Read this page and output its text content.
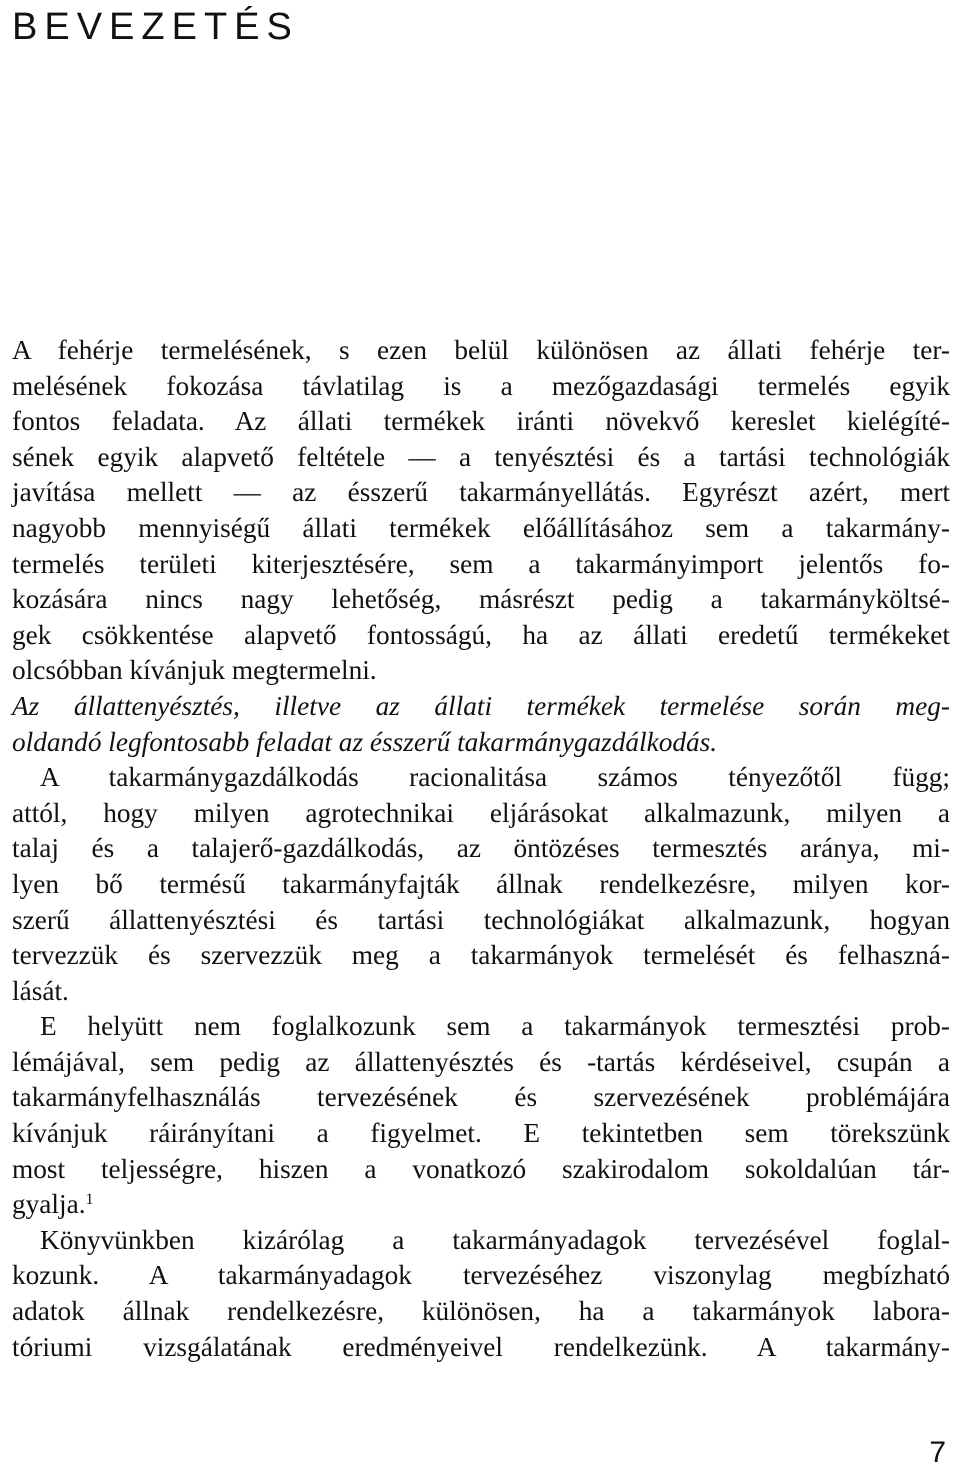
BEVEZETÉS
A fehérje termelésének, s ezen belül különösen az állati fehérje ter-
melésének fokozása távlatilag is a mezőgazdasági termelés egyik
fontos feladata. Az állati termékek iránti növekvő kereslet kielégíté-
sének egyik alapvető feltétele — a tenyésztési és a tartási technológiák
javítása mellett — az ésszerű takarmányellátás. Egyrészt azért, mert
nagyobb mennyiségű állati termékek előállításához sem a takarmány-
termelés területi kiterjesztésére, sem a takarmányimport jelentős fo-
kozására nincs nagy lehetőség, másrészt pedig a takarmányköltsé-
gek csökkentése alapvető fontosságú, ha az állati eredetű termékeket
olcsóbban kívánjuk megtermelni.
Az állattenyésztés, illetve az állati termékek termelése során meg-
oldandó legfontosabb feladat az ésszerű takarmánygazdálkodás.
A takarmánygazdálkodás racionalitása számos tényezőtől függ;
attól, hogy milyen agrotechnikai eljárásokat alkalmazunk, milyen a
talaj és a talajerő-gazdálkodás, az öntözéses termesztés aránya, mi-
lyen bő termésű takarmányfajták állnak rendelkezésre, milyen kor-
szerű állattenyésztési és tartási technológiákat alkalmazunk, hogyan
tervezzük és szervezzük meg a takarmányok termelését és felhaszná-
lását.
E helyütt nem foglalkozunk sem a takarmányok termesztési prob-
lémájával, sem pedig az állattenyésztés és -tartás kérdéseivel, csupán a
takarmányfelhasználás tervezésének és szervezésének problémájára
kívánjuk ráirányítani a figyelmet. E tekintetben sem törekszünk
most teljességre, hiszen a vonatkozó szakirodalom sokoldalúan tár-
gyalja.$^1$
Könyvünkben kizárólag a takarmányadagok tervezésével foglal-
kozunk. A takarmányadagok tervezéséhez viszonylag megbízható
adatok állnak rendelkezésre, különösen, ha a takarmányok labora-
tóriumi vizsgálatának eredményeivel rendelkezünk. A takarmány-
7
